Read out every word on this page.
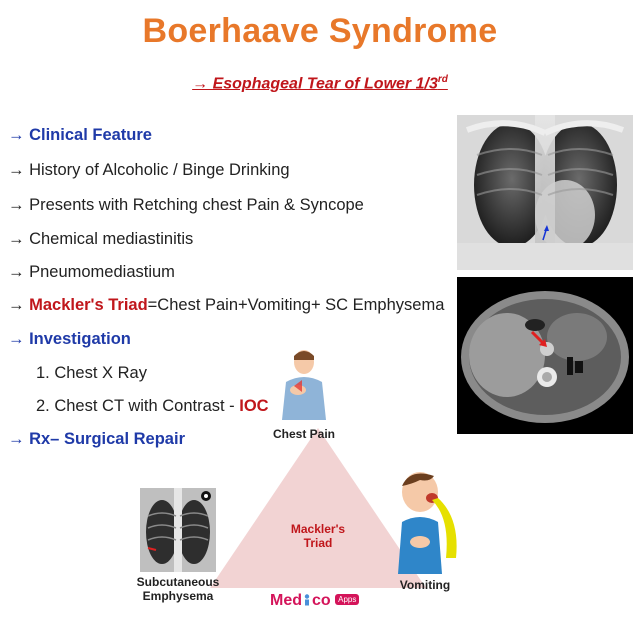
Boerhaave Syndrome
→ Esophageal Tear of Lower 1/3rd
→ Clinical Feature
→ History of Alcoholic / Binge Drinking
→ Presents with Retching chest Pain & Syncope
→ Chemical mediastinitis
→ Pneumomediastium
→ Mackler's Triad=Chest Pain+Vomiting+ SC Emphysema
→ Investigation
1. Chest X Ray
2. Chest CT with Contrast - IOC
→ Rx– Surgical Repair
Mackler's
Triad
Chest Pain
Subcutaneous
Emphysema
Vomiting
Med co Apps
